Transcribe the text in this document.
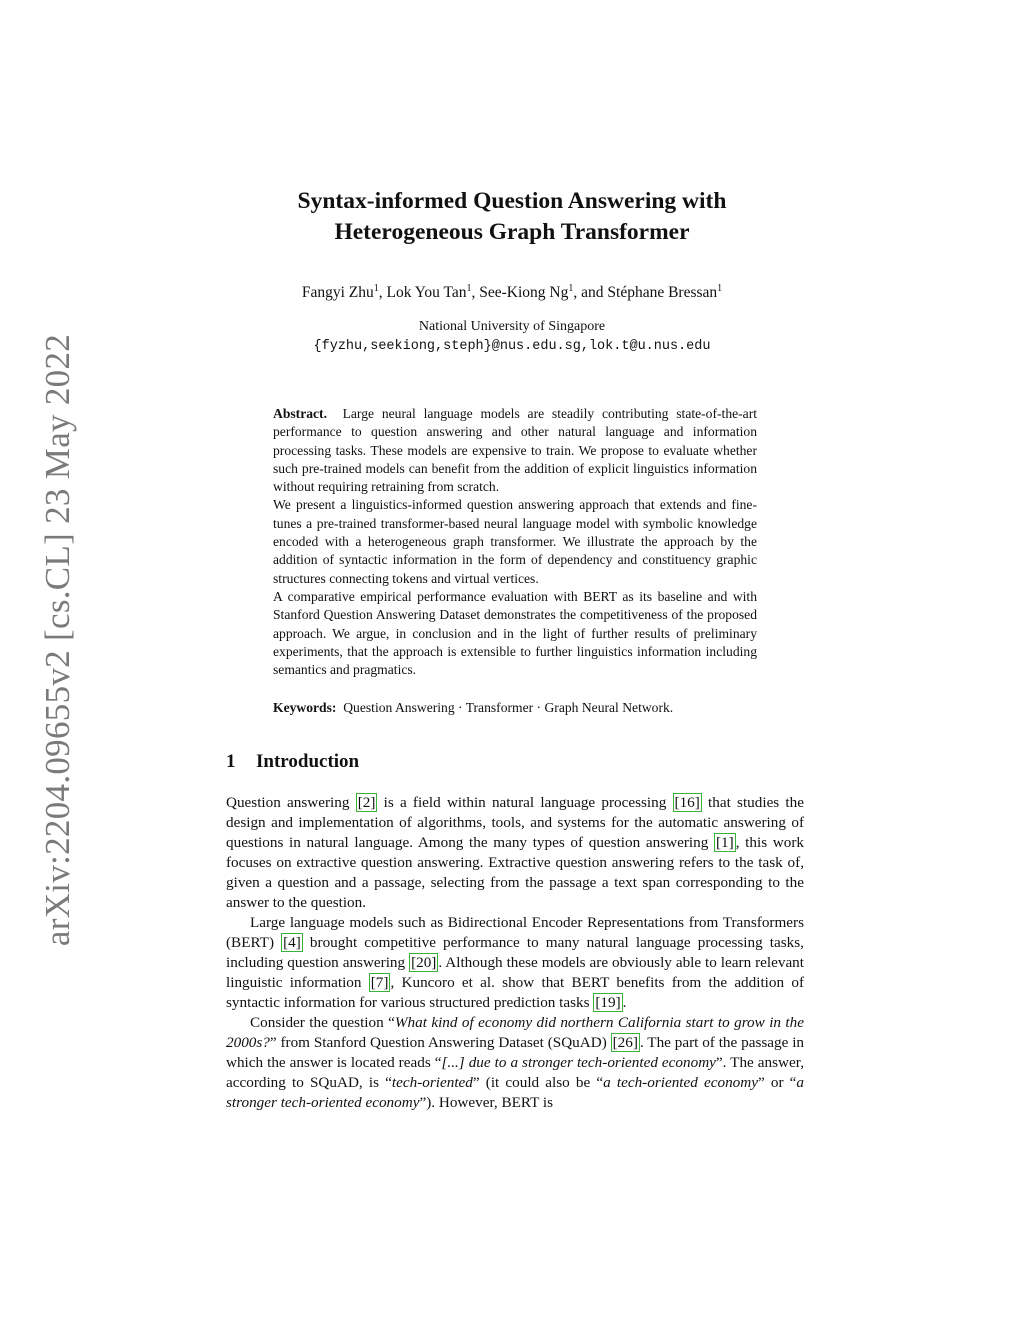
arXiv:2204.09655v2 [cs.CL] 23 May 2022
Syntax-informed Question Answering with
Heterogeneous Graph Transformer
Fangyi Zhu$^1$, Lok You Tan$^1$, See-Kiong Ng$^1$, and Stéphane Bressan$^1$
National University of Singapore
{fyzhu,seekiong,steph}@nus.edu.sg,lok.t@u.nus.edu

Abstract. Large neural language models are steadily contributing state-of-the-art performance to question answering and other natural language and information processing tasks. These models are expensive to train. We propose to evaluate whether such pre-trained models can benefit from the addition of explicit linguistics information without requiring retraining from scratch.

We present a linguistics-informed question answering approach that extends and fine-tunes a pre-trained transformer-based neural language model with symbolic knowledge encoded with a heterogeneous graph transformer. We illustrate the approach by the addition of syntactic information in the form of dependency and constituency graphic structures connecting tokens and virtual vertices.

A comparative empirical performance evaluation with BERT as its baseline and with Stanford Question Answering Dataset demonstrates the competitiveness of the proposed approach. We argue, in conclusion and in the light of further results of preliminary experiments, that the approach is extensible to further linguistics information including semantics and pragmatics.

Keywords: Question Answering · Transformer · Graph Neural Network.
1 Introduction

Question answering [2] is a field within natural language processing [16] that studies the design and implementation of algorithms, tools, and systems for the automatic answering of questions in natural language. Among the many types of question answering [1] , this work focuses on extractive question answering. Extractive question answering refers to the task of, given a question and a passage, selecting from the passage a text span corresponding to the answer to the question.

Large language models such as Bidirectional Encoder Representations from Transformers (BERT) [4] brought competitive performance to many natural language processing tasks, including question answering [20] . Although these models are obviously able to learn relevant linguistic information [7] , Kuncoro et al. show that BERT benefits from the addition of syntactic information for various structured prediction tasks [19] .

Consider the question “What kind of economy did northern California start to grow in the 2000s?” from Stanford Question Answering Dataset (SQuAD) [26] . The part of the passage in which the answer is located reads “[...] due to a stronger tech-oriented economy”. The answer, according to SQuAD, is “tech-oriented” (it could also be “a tech-oriented economy” or “a stronger tech-oriented economy”). However, BERT is
